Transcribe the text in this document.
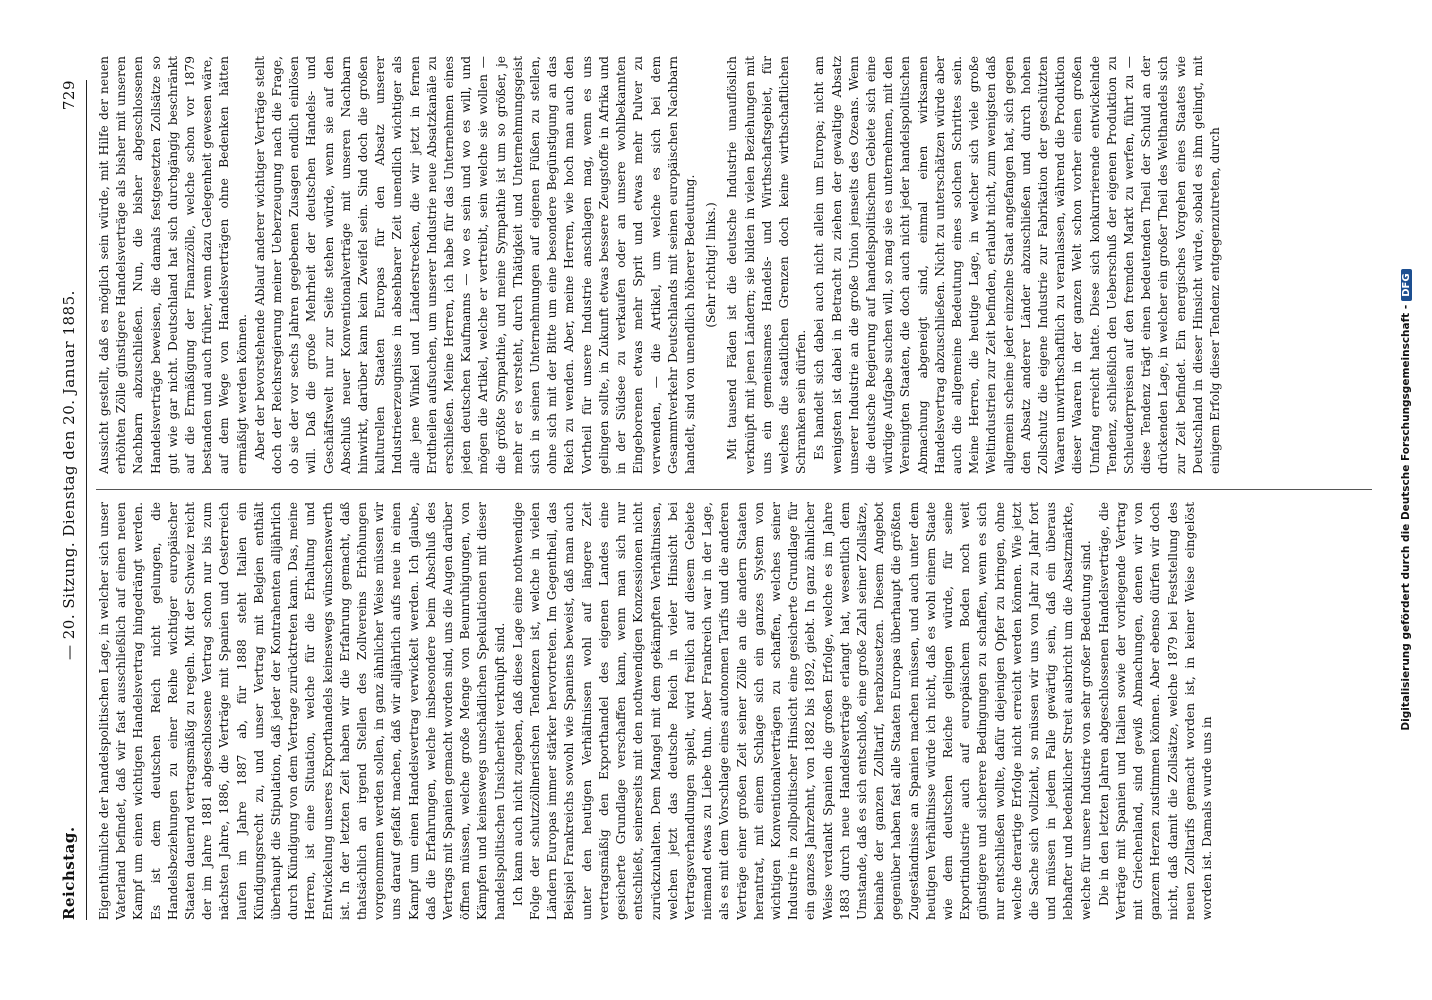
Reichstag.
— 20. Sitzung. Dienstag den 20. Januar 1885.
729

Eigenthümliche der handelspolitischen Lage, in welcher sich unser Vaterland befindet, daß wir fast ausschließlich auf einen neuen Kampf um einen wichtigen Handelsvertrag hingedrängt werden. Es ist dem deutschen Reich nicht gelungen, die Handelsbeziehungen zu einer Reihe wichtiger europäischer Staaten dauernd vertragsmäßig zu regeln. Mit der Schweiz reicht der im Jahre 1881 abgeschlossene Vertrag schon nur bis zum nächsten Jahre, 1886, die Verträge mit Spanien und Oesterreich laufen im Jahre 1887 ab, für 1888 steht Italien ein Kündigungsrecht zu, und unser Vertrag mit Belgien enthält überhaupt die Stipulation, daß jeder der Kontrahenten alljährlich durch Kündigung von dem Vertrage zurücktreten kann. Das, meine Herren, ist eine Situation, welche für die Erhaltung und Entwickelung unseres Exporthandels keineswegs wünschenswerth ist. In der letzten Zeit haben wir die Erfahrung gemacht, daß thatsächlich an irgend Stellen des Zollvereins Erhöhungen vorgenommen werden sollen, in ganz ähnlicher Weise müssen wir uns darauf gefaßt machen, daß wir alljährlich aufs neue in einen Kampf um einen Handelsvertrag verwickelt werden. Ich glaube, daß die Erfahrungen, welche insbesondere beim Abschluß des Vertrags mit Spanien gemacht worden sind, uns die Augen darüber öffnen müssen, welche große Menge von Beunruhigungen, von Kämpfen und keineswegs unschädlichen Spekulationen mit dieser handelspolitischen Unsicherheit verknüpft sind. Ich kann auch nicht zugeben, daß diese Lage eine nothwendige Folge der schutzzöllnerischen Tendenzen ist, welche in vielen Ländern Europas immer stärker hervortreten. Im Gegentheil, das Beispiel Frankreichs sowohl wie Spaniens beweist, daß man auch unter den heutigen Verhältnissen wohl auf längere Zeit vertragsmäßig den Exporthandel des eigenen Landes eine gesicherte Grundlage verschaffen kann, wenn man sich nur entschließt, seinerseits mit den nothwendigen Konzessionen nicht zurückzuhalten. Dem Mangel mit dem gekämpften Verhältnissen, welchen jetzt das deutsche Reich in vieler Hinsicht bei Vertragsverhandlungen spielt, wird freilich auf diesem Gebiete niemand etwas zu Liebe thun. Aber Frankreich war in der Lage, als es mit dem Vorschlage eines autonomen Tarifs und die anderen Verträge einer großen Zeit seiner Zölle an die andern Staaten herantrat, mit einem Schlage sich ein ganzes System von wichtigen Konventionalverträgen zu schaffen, welches seiner Industrie in zollpolitischer Hinsicht eine gesicherte Grundlage für ein ganzes Jahrzehnt, von 1882 bis 1892, giebt. In ganz ähnlicher Weise verdankt Spanien die großen Erfolge, welche es im Jahre 1883 durch neue Handelsverträge erlangt hat, wesentlich dem Umstande, daß es sich entschloß, eine große Zahl seiner Zollsätze, beinahe der ganzen Zolltarif, herabzusetzen. Diesem Angebot gegenüber haben fast alle Staaten Europas überhaupt die größten Zugeständnisse an Spanien machen müssen, und auch unter dem heutigen Verhältnisse würde ich nicht, daß es wohl einem Staate wie dem deutschen Reiche gelingen würde, für seine Exportindustrie auch auf europäischem Boden noch weit günstigere und sicherere Bedingungen zu schaffen, wenn es sich nur entschließen wollte, dafür diejenigen Opfer zu bringen, ohne welche derartige Erfolge nicht erreicht werden können. Wie jetzt die Sache sich vollzieht, so müssen wir uns von Jahr zu Jahr fort und müssen in jedem Falle gewärtig sein, daß ein überaus lebhafter und bedenklicher Streit ausbricht um die Absatzmärkte, welche für unsere Industrie von sehr großer Bedeutung sind. Die in den letzten Jahren abgeschlossenen Handelsverträge, die Verträge mit Spanien und Italien sowie der vorliegende Vertrag mit Griechenland, sind gewiß Abmachungen, denen wir von ganzem Herzen zustimmen können. Aber ebenso dürfen wir doch nicht, daß damit die Zollsätze, welche 1879 bei Feststellung des neuen Zolltarifs gemacht worden ist, in keiner Weise eingelöst worden ist. Damals wurde uns in

Aussicht gestellt, daß es möglich sein würde, mit Hilfe der neuen erhöhten Zölle günstigere Handelsverträge als bisher mit unseren Nachbarn abzuschließen. Nun, die bisher abgeschlossenen Handelsverträge beweisen, die damals festgesetzten Zollsätze so gut wie gar nicht. Deutschland hat sich durchgängig beschränkt auf die Ermäßigung der Finanzzölle, welche schon vor 1879 bestanden und auch früher, wenn dazu Gelegenheit gewesen wäre, auf dem Wege von Handelsverträgen ohne Bedenken hätten ermäßigt werden können. Aber der bevorstehende Ablauf anderer wichtiger Verträge stellt doch der Reichsregierung meiner Ueberzeugung nach die Frage, ob sie der vor sechs Jahren gegebenen Zusagen endlich einlösen will. Daß die große Mehrheit der deutschen Handels- und Geschäftswelt nur zur Seite stehen würde, wenn sie auf den Abschluß neuer Konventionalverträge mit unseren Nachbarn hinwirkt, darüber kann kein Zweifel sein. Sind doch die großen kulturellen Staaten Europas für den Absatz unserer Industrieerzeugnisse in absehbarer Zeit unendlich wichtiger als alle jene Winkel und Länderstrecken, die wir jetzt in fernen Erdtheilen aufsuchen, um unserer Industrie neue Absatzkanäle zu erschließen. Meine Herren, ich habe für das Unternehmen eines jeden deutschen Kaufmanns — wo es sein und wo es will, und mögen die Artikel, welche er vertreibt, sein welche sie wollen — die größte Sympathie, und meine Sympathie ist um so größer, je mehr er es versteht, durch Thätigkeit und Unternehmungsgeist sich in seinen Unternehmungen auf eigenen Füßen zu stellen, ohne sich mit der Bitte um eine besondere Begünstigung an das Reich zu wenden. Aber, meine Herren, wie hoch man auch den Vortheil für unsere Industrie anschlagen mag, wenn es uns gelingen sollte, in Zukunft etwas bessere Zeugstoffe in Afrika und in der Südsee zu verkaufen oder an unsere wohlbekannten Eingeborenen etwas mehr Sprit und etwas mehr Pulver zu verwenden, — die Artikel, um welche es sich bei dem Gesammtverkehr Deutschlands mit seinen europäischen Nachbarn handelt, sind von unendlich höherer Bedeutung. (Sehr richtig! links.) Mit tausend Fäden ist die deutsche Industrie unauflöslich verknüpft mit jenen Ländern; sie bilden in vielen Beziehungen mit uns ein gemeinsames Handels- und Wirthschaftsgebiet, für welches die staatlichen Grenzen doch keine wirthschaftlichen Schranken sein dürfen. Es handelt sich dabei auch nicht allein um Europa; nicht am wenigsten ist dabei in Betracht zu ziehen der gewaltige Absatz unserer Industrie an die große Union jenseits des Ozeans. Wenn die deutsche Regierung auf handelspolitischem Gebiete sich eine würdige Aufgabe suchen will, so mag sie es unternehmen, mit den Vereinigten Staaten, die doch auch nicht jeder handelspolitischen Abmachung abgeneigt sind, einmal einen wirksamen Handelsvertrag abzuschließen. Nicht zu unterschätzen würde aber auch die allgemeine Bedeutung eines solchen Schrittes sein. Meine Herren, die heutige Lage, in welcher sich viele große Weltindustrien zur Zeit befinden, erlaubt nicht, zum wenigsten daß allgemein scheine jeder einzelne Staat angefangen hat, sich gegen den Absatz anderer Länder abzuschließen und durch hohen Zollschutz die eigene Industrie zur Fabrikation der geschützten Waaren unwirthschaftlich zu veranlassen, während die Produktion dieser Waaren in der ganzen Welt schon vorher einen großen Umfang erreicht hatte. Diese sich konkurrierende entwickelnde Tendenz, schließlich den Ueberschuß der eigenen Produktion zu Schleuderpreisen auf den fremden Markt zu werfen, führt zu — diese Tendenz trägt einen bedeutenden Theil der Schuld an der drückenden Lage, in welcher ein großer Theil des Welthandels sich zur Zeit befindet. Ein energisches Vorgehen eines Staates wie Deutschland in dieser Hinsicht würde, sobald es ihm gelingt, mit einigem Erfolg dieser Tendenz entgegenzutreten, durch

Digitalisierung gefördert durch die Deutsche Forschungsgemeinschaft -DFG
